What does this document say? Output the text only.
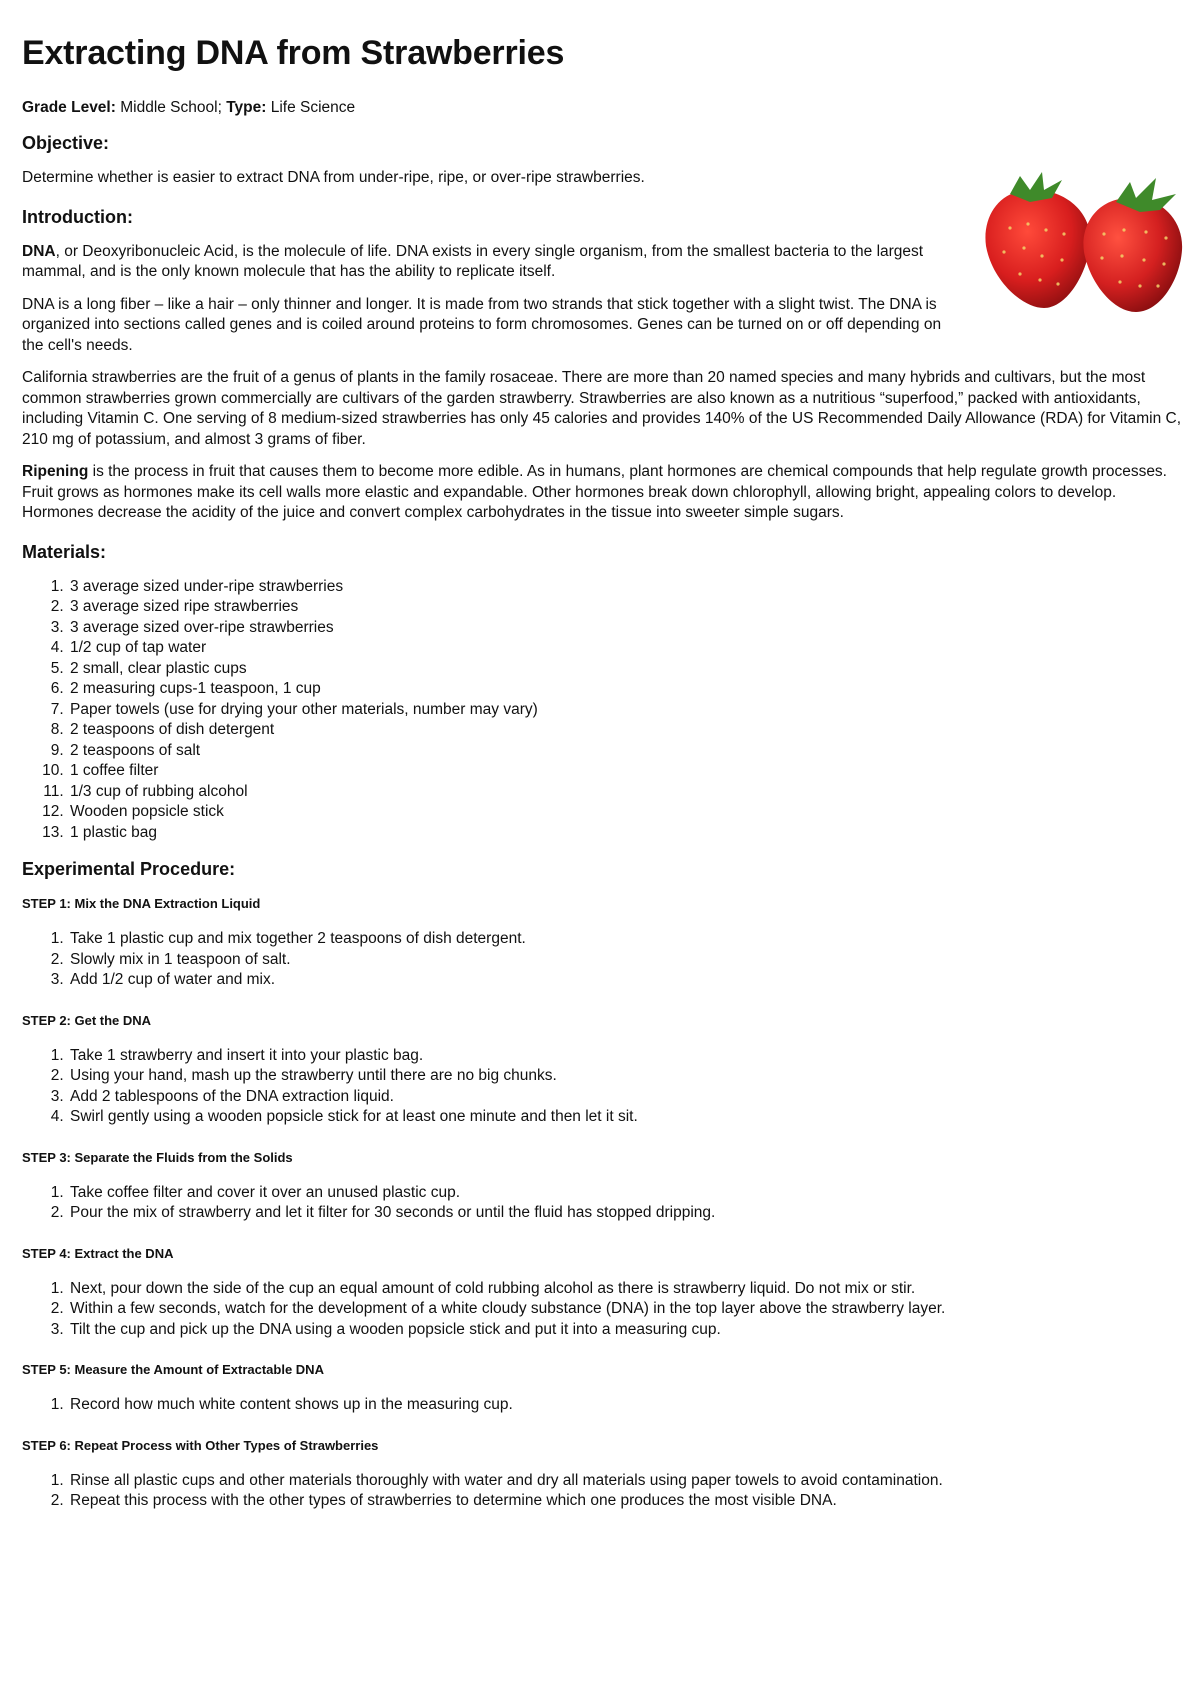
Extracting DNA from Strawberries
Grade Level: Middle School; Type: Life Science
Objective:

Determine whether is easier to extract DNA from under-ripe, ripe, or over-ripe strawberries.

Introduction:

DNA, or Deoxyribonucleic Acid, is the molecule of life. DNA exists in every single organism, from the smallest bacteria to the largest mammal, and is the only known molecule that has the ability to replicate itself.

DNA is a long fiber – like a hair – only thinner and longer. It is made from two strands that stick together with a slight twist. The DNA is organized into sections called genes and is coiled around proteins to form chromosomes. Genes can be turned on or off depending on the cell's needs.

California strawberries are the fruit of a genus of plants in the family rosaceae. There are more than 20 named species and many hybrids and cultivars, but the most common strawberries grown commercially are cultivars of the garden strawberry. Strawberries are also known as a nutritious “superfood,” packed with antioxidants, including Vitamin C. One serving of 8 medium-sized strawberries has only 45 calories and provides 140% of the US Recommended Daily Allowance (RDA) for Vitamin C, 210 mg of potassium, and almost 3 grams of fiber.

Ripening is the process in fruit that causes them to become more edible. As in humans, plant hormones are chemical compounds that help regulate growth processes. Fruit grows as hormones make its cell walls more elastic and expandable. Other hormones break down chlorophyll, allowing bright, appealing colors to develop. Hormones decrease the acidity of the juice and convert complex carbohydrates in the tissue into sweeter simple sugars.

Materials:
1. 3 average sized under-ripe strawberries
2. 3 average sized ripe strawberries
3. 3 average sized over-ripe strawberries
4. 1/2 cup of tap water
5. 2 small, clear plastic cups
6. 2 measuring cups-1 teaspoon, 1 cup
7. Paper towels (use for drying your other materials, number may vary)
8. 2 teaspoons of dish detergent
9. 2 teaspoons of salt
10. 1 coffee filter
11. 1/3 cup of rubbing alcohol
12. Wooden popsicle stick
13. 1 plastic bag
Experimental Procedure:
STEP 1: Mix the DNA Extraction Liquid
1. Take 1 plastic cup and mix together 2 teaspoons of dish detergent.
2. Slowly mix in 1 teaspoon of salt.
3. Add 1/2 cup of water and mix.
STEP 2: Get the DNA
1. Take 1 strawberry and insert it into your plastic bag.
2. Using your hand, mash up the strawberry until there are no big chunks.
3. Add 2 tablespoons of the DNA extraction liquid.
4. Swirl gently using a wooden popsicle stick for at least one minute and then let it sit.
STEP 3: Separate the Fluids from the Solids
1. Take coffee filter and cover it over an unused plastic cup.
2. Pour the mix of strawberry and let it filter for 30 seconds or until the fluid has stopped dripping.
STEP 4: Extract the DNA
1. Next, pour down the side of the cup an equal amount of cold rubbing alcohol as there is strawberry liquid. Do not mix or stir.
2. Within a few seconds, watch for the development of a white cloudy substance (DNA) in the top layer above the strawberry layer.
3. Tilt the cup and pick up the DNA using a wooden popsicle stick and put it into a measuring cup.
STEP 5: Measure the Amount of Extractable DNA
1. Record how much white content shows up in the measuring cup.
STEP 6: Repeat Process with Other Types of Strawberries
1. Rinse all plastic cups and other materials thoroughly with water and dry all materials using paper towels to avoid contamination.
2. Repeat this process with the other types of strawberries to determine which one produces the most visible DNA.
